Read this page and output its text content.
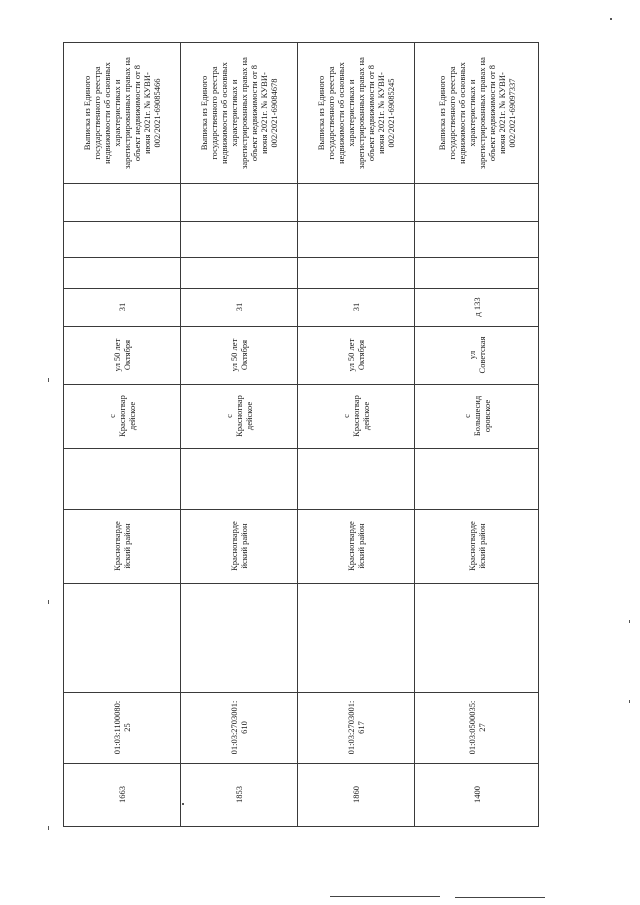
Выписка из Единого
государственного реестра
недвижимости об основных
характеристиках и
зарегистрированных правах на
объект недвижимости от 8
июня 2021г. № КУВИ-
002/2021-69085466
31
ул 50 лет
Октября
с
Красногвар
дейское
Красногварде
йский район
01:03:1100080:
25
1663
Выписка из Единого
государственного реестра
недвижимости об основных
характеристиках и
зарегистрированных правах на
объект недвижимости от 8
июня 2021г. № КУВИ-
002/2021-69084678
31
ул 50 лет
Октября
с
Красногвар
дейское
Красногварде
йский район
01:03:2703001:
610
1853
Выписка из Единого
государственного реестра
недвижимости об основных
характеристиках и
зарегистрированных правах на
объект недвижимости от 8
июня 2021г. № КУВИ-
002/2021-69085245
31
ул 50 лет
Октября
с
Красногвар
дейское
Красногварде
йский район
01:03:2703001:
617
1860
Выписка из Единого
государственного реестра
недвижимости об основных
характеристиках и
зарегистрированных правах на
объект недвижимости от 8
июня 2021г. № КУВИ-
002/2021-69097337
д 133
ул
Советская
с
Большесид
оровское
Красногварде
йский район
01:03:0500035:
27
1400
